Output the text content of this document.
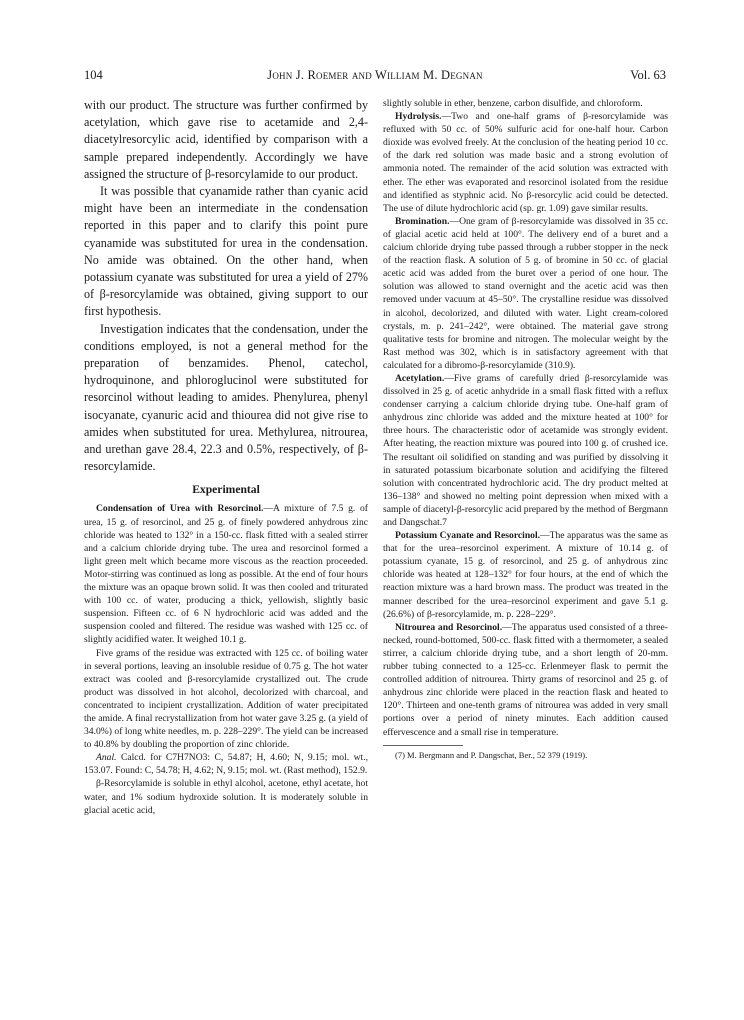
104	John J. Roemer and William M. Degnan	Vol. 63

with our product. The structure was further confirmed by acetylation, which gave rise to acetamide and 2,4-diacetylresorcylic acid, identified by comparison with a sample prepared independently. Accordingly we have assigned the structure of β-resorcylamide to our product.

It was possible that cyanamide rather than cyanic acid might have been an intermediate in the condensation reported in this paper and to clarify this point pure cyanamide was substituted for urea in the condensation. No amide was obtained. On the other hand, when potassium cyanate was substituted for urea a yield of 27% of β-resorcylamide was obtained, giving support to our first hypothesis.

Investigation indicates that the condensation, under the conditions employed, is not a general method for the preparation of benzamides. Phenol, catechol, hydroquinone, and phloroglucinol were substituted for resorcinol without leading to amides. Phenylurea, phenyl isocyanate, cyanuric acid and thiourea did not give rise to amides when substituted for urea. Methylurea, nitrourea, and urethan gave 28.4, 22.3 and 0.5%, respectively, of β-resorcylamide.

Experimental

Condensation of Urea with Resorcinol.—A mixture of 7.5 g. of urea, 15 g. of resorcinol, and 25 g. of finely powdered anhydrous zinc chloride was heated to 132° in a 150-cc. flask fitted with a sealed stirrer and a calcium chloride drying tube. The urea and resorcinol formed a light green melt which became more viscous as the reaction proceeded. Motor-stirring was continued as long as possible. At the end of four hours the mixture was an opaque brown solid. It was then cooled and triturated with 100 cc. of water, producing a thick, yellowish, slightly basic suspension. Fifteen cc. of 6 N hydrochloric acid was added and the suspension cooled and filtered. The residue was washed with 125 cc. of slightly acidified water. It weighed 10.1 g.

Five grams of the residue was extracted with 125 cc. of boiling water in several portions, leaving an insoluble residue of 0.75 g. The hot water extract was cooled and β-resorcylamide crystallized out. The crude product was dissolved in hot alcohol, decolorized with charcoal, and concentrated to incipient crystallization. Addition of water precipitated the amide. A final recrystallization from hot water gave 3.25 g. (a yield of 34.0%) of long white needles, m. p. 228–229°. The yield can be increased to 40.8% by doubling the proportion of zinc chloride.

Anal. Calcd. for C7H7NO3: C, 54.87; H, 4.60; N, 9.15; mol. wt., 153.07. Found: C, 54.78; H, 4.62; N, 9.15; mol. wt. (Rast method), 152.9.

β-Resorcylamide is soluble in ethyl alcohol, acetone, ethyl acetate, hot water, and 1% sodium hydroxide solution. It is moderately soluble in glacial acetic acid,

slightly soluble in ether, benzene, carbon disulfide, and chloroform.

Hydrolysis.—Two and one-half grams of β-resorcylamide was refluxed with 50 cc. of 50% sulfuric acid for one-half hour. Carbon dioxide was evolved freely. At the conclusion of the heating period 10 cc. of the dark red solution was made basic and a strong evolution of ammonia noted. The remainder of the acid solution was extracted with ether. The ether was evaporated and resorcinol isolated from the residue and identified as styphnic acid. No β-resorcylic acid could be detected. The use of dilute hydrochloric acid (sp. gr. 1.09) gave similar results.

Bromination.—One gram of β-resorcylamide was dissolved in 35 cc. of glacial acetic acid held at 100°. The delivery end of a buret and a calcium chloride drying tube passed through a rubber stopper in the neck of the reaction flask. A solution of 5 g. of bromine in 50 cc. of glacial acetic acid was added from the buret over a period of one hour. The solution was allowed to stand overnight and the acetic acid was then removed under vacuum at 45–50°. The crystalline residue was dissolved in alcohol, decolorized, and diluted with water. Light cream-colored crystals, m. p. 241–242°, were obtained. The material gave strong qualitative tests for bromine and nitrogen. The molecular weight by the Rast method was 302, which is in satisfactory agreement with that calculated for a dibromo-β-resorcylamide (310.9).

Acetylation.—Five grams of carefully dried β-resorcylamide was dissolved in 25 g. of acetic anhydride in a small flask fitted with a reflux condenser carrying a calcium chloride drying tube. One-half gram of anhydrous zinc chloride was added and the mixture heated at 100° for three hours. The characteristic odor of acetamide was strongly evident. After heating, the reaction mixture was poured into 100 g. of crushed ice. The resultant oil solidified on standing and was purified by dissolving it in saturated potassium bicarbonate solution and acidifying the filtered solution with concentrated hydrochloric acid. The dry product melted at 136–138° and showed no melting point depression when mixed with a sample of diacetyl-β-resorcylic acid prepared by the method of Bergmann and Dangschat.7

Potassium Cyanate and Resorcinol.—The apparatus was the same as that for the urea–resorcinol experiment. A mixture of 10.14 g. of potassium cyanate, 15 g. of resorcinol, and 25 g. of anhydrous zinc chloride was heated at 128–132° for four hours, at the end of which the reaction mixture was a hard brown mass. The product was treated in the manner described for the urea–resorcinol experiment and gave 5.1 g. (26.6%) of β-resorcylamide, m. p. 228–229°.

Nitrourea and Resorcinol.—The apparatus used consisted of a three-necked, round-bottomed, 500-cc. flask fitted with a thermometer, a sealed stirrer, a calcium chloride drying tube, and a short length of 20-mm. rubber tubing connected to a 125-cc. Erlenmeyer flask to permit the controlled addition of nitrourea. Thirty grams of resorcinol and 25 g. of anhydrous zinc chloride were placed in the reaction flask and heated to 120°. Thirteen and one-tenth grams of nitrourea was added in very small portions over a period of ninety minutes. Each addition caused effervescence and a small rise in temperature.

(7) M. Bergmann and P. Dangschat, Ber., 52 379 (1919).
